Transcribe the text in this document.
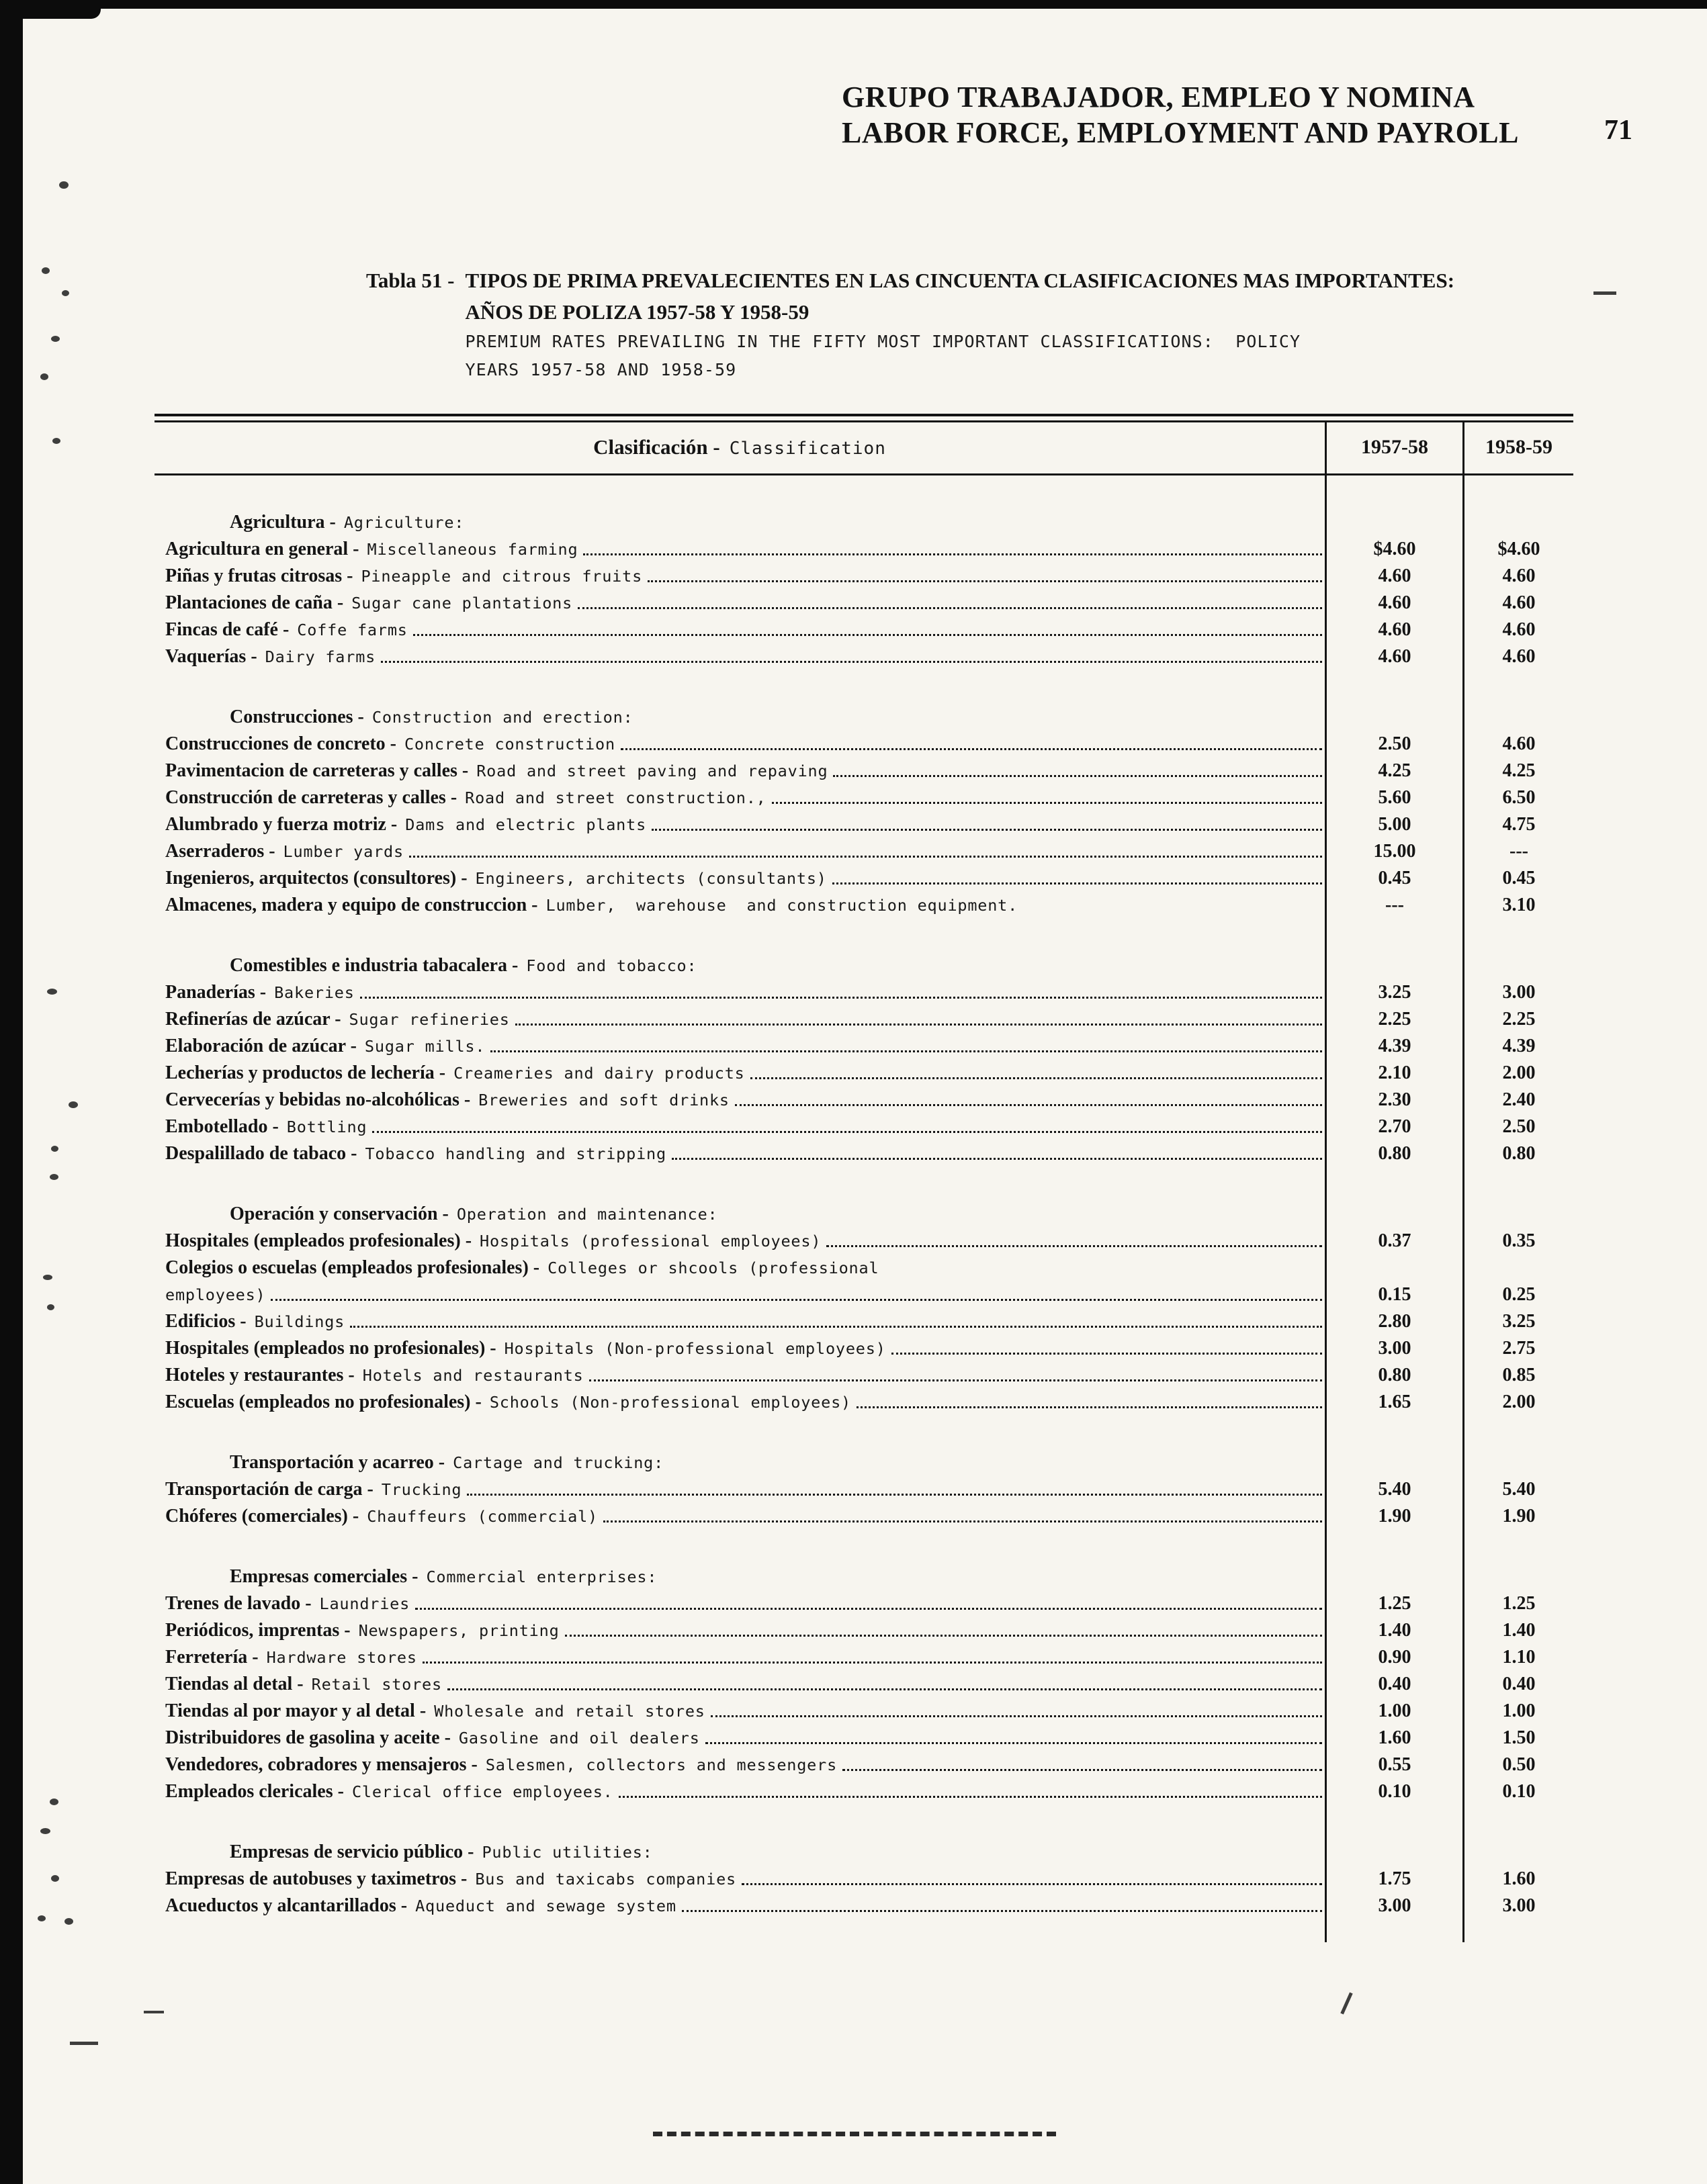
GRUPO TRABAJADOR, EMPLEO Y NOMINA
LABOR FORCE, EMPLOYMENT AND PAYROLL	71
Tabla 51 - TIPOS DE PRIMA PREVALECIENTES EN LAS CINCUENTA CLASIFICACIONES MAS IMPORTANTES:
AÑOS DE POLIZA 1957-58 Y 1958-59
PREMIUM RATES PREVAILING IN THE FIFTY MOST IMPORTANT CLASSIFICATIONS:  POLICY
YEARS 1957-58 AND 1958-59
Clasificación - Classification	1957-58	1958-59
Agricultura - Agriculture:
Agricultura en general - Miscellaneous farming	$4.60	$4.60
Piñas y frutas citrosas - Pineapple and citrous fruits	4.60	4.60
Plantaciones de caña - Sugar cane plantations	4.60	4.60
Fincas de café - Coffe farms	4.60	4.60
Vaquerías - Dairy farms	4.60	4.60
Construcciones - Construction and erection:
Construcciones de concreto - Concrete construction	2.50	4.60
Pavimentacion de carreteras y calles - Road and street paving and repaving	4.25	4.25
Construcción de carreteras y calles - Road and street construction.,	5.60	6.50
Alumbrado y fuerza motriz - Dams and electric plants	5.00	4.75
Aserraderos - Lumber yards	15.00	---
Ingenieros, arquitectos (consultores) - Engineers, architects (consultants)	0.45	0.45
Almacenes, madera y equipo de construccion - Lumber,  warehouse  and construction equipment.	---	3.10
Comestibles e industria tabacalera - Food and tobacco:
Panaderías - Bakeries	3.25	3.00
Refinerías de azúcar - Sugar refineries	2.25	2.25
Elaboración de azúcar - Sugar mills.	4.39	4.39
Lecherías y productos de lechería - Creameries and dairy products	2.10	2.00
Cervecerías y bebidas no-alcohólicas - Breweries and soft drinks	2.30	2.40
Embotellado - Bottling	2.70	2.50
Despalillado de tabaco - Tobacco handling and stripping	0.80	0.80
Operación y conservación - Operation and maintenance:
Hospitales (empleados profesionales) - Hospitals (professional employees)	0.37	0.35
Colegios o escuelas (empleados profesionales) - Colleges or shcools (professional
employees)	0.15	0.25
Edificios - Buildings	2.80	3.25
Hospitales (empleados no profesionales) - Hospitals (Non-professional employees)	3.00	2.75
Hoteles y restaurantes - Hotels and restaurants	0.80	0.85
Escuelas (empleados no profesionales) - Schools (Non-professional employees)	1.65	2.00
Transportación y acarreo - Cartage and trucking:
Transportación de carga - Trucking	5.40	5.40
Chóferes (comerciales) - Chauffeurs (commercial)	1.90	1.90
Empresas comerciales - Commercial enterprises:
Trenes de lavado - Laundries	1.25	1.25
Periódicos, imprentas - Newspapers, printing	1.40	1.40
Ferretería - Hardware stores	0.90	1.10
Tiendas al detal - Retail stores	0.40	0.40
Tiendas al por mayor y al detal - Wholesale and retail stores	1.00	1.00
Distribuidores de gasolina y aceite - Gasoline and oil dealers	1.60	1.50
Vendedores, cobradores y mensajeros - Salesmen, collectors and messengers	0.55	0.50
Empleados clericales - Clerical office employees.	0.10	0.10
Empresas de servicio público - Public utilities:
Empresas de autobuses y taximetros - Bus and taxicabs companies	1.75	1.60
Acueductos y alcantarillados - Aqueduct and sewage system	3.00	3.00
